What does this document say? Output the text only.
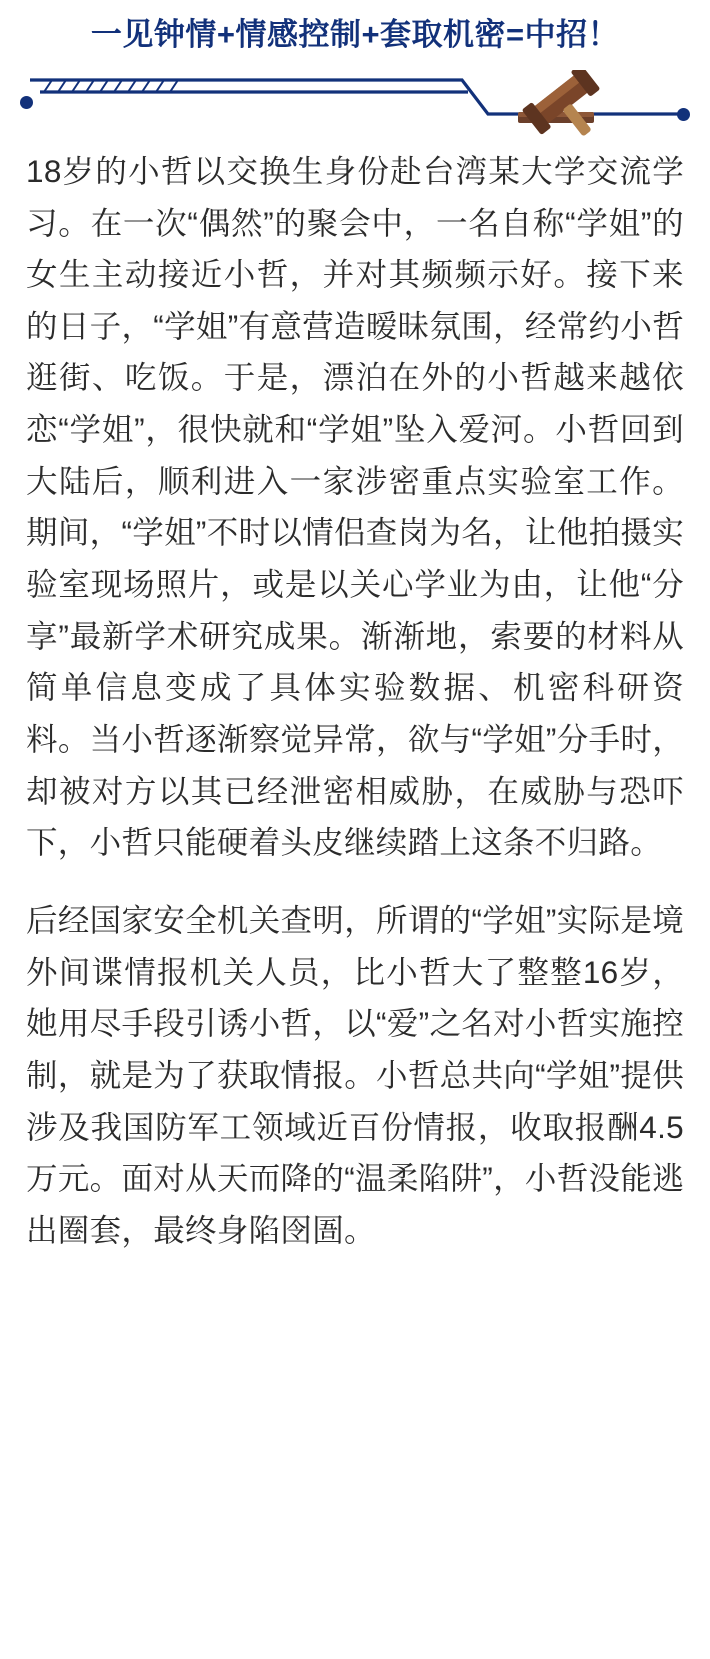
一见钟情+情感控制+套取机密=中招！

18岁的小哲以交换生身份赴台湾某大学交流学习。在一次“偶然”的聚会中，一名自称“学姐”的女生主动接近小哲，并对其频频示好。接下来的日子，“学姐”有意营造暧昧氛围，经常约小哲逛街、吃饭。于是，漂泊在外的小哲越来越依恋“学姐”，很快就和“学姐”坠入爱河。小哲回到大陆后，顺利进入一家涉密重点实验室工作。期间，“学姐”不时以情侣查岗为名，让他拍摄实验室现场照片，或是以关心学业为由，让他“分享”最新学术研究成果。渐渐地，索要的材料从简单信息变成了具体实验数据、机密科研资料。当小哲逐渐察觉异常，欲与“学姐”分手时，却被对方以其已经泄密相威胁，在威胁与恐吓下，小哲只能硬着头皮继续踏上这条不归路。

后经国家安全机关查明，所谓的“学姐”实际是境外间谍情报机关人员，比小哲大了整整16岁，她用尽手段引诱小哲，以“爱”之名对小哲实施控制，就是为了获取情报。小哲总共向“学姐”提供涉及我国防军工领域近百份情报，收取报酬4.5万元。面对从天而降的“温柔陷阱”，小哲没能逃出圈套，最终身陷囹圄。
